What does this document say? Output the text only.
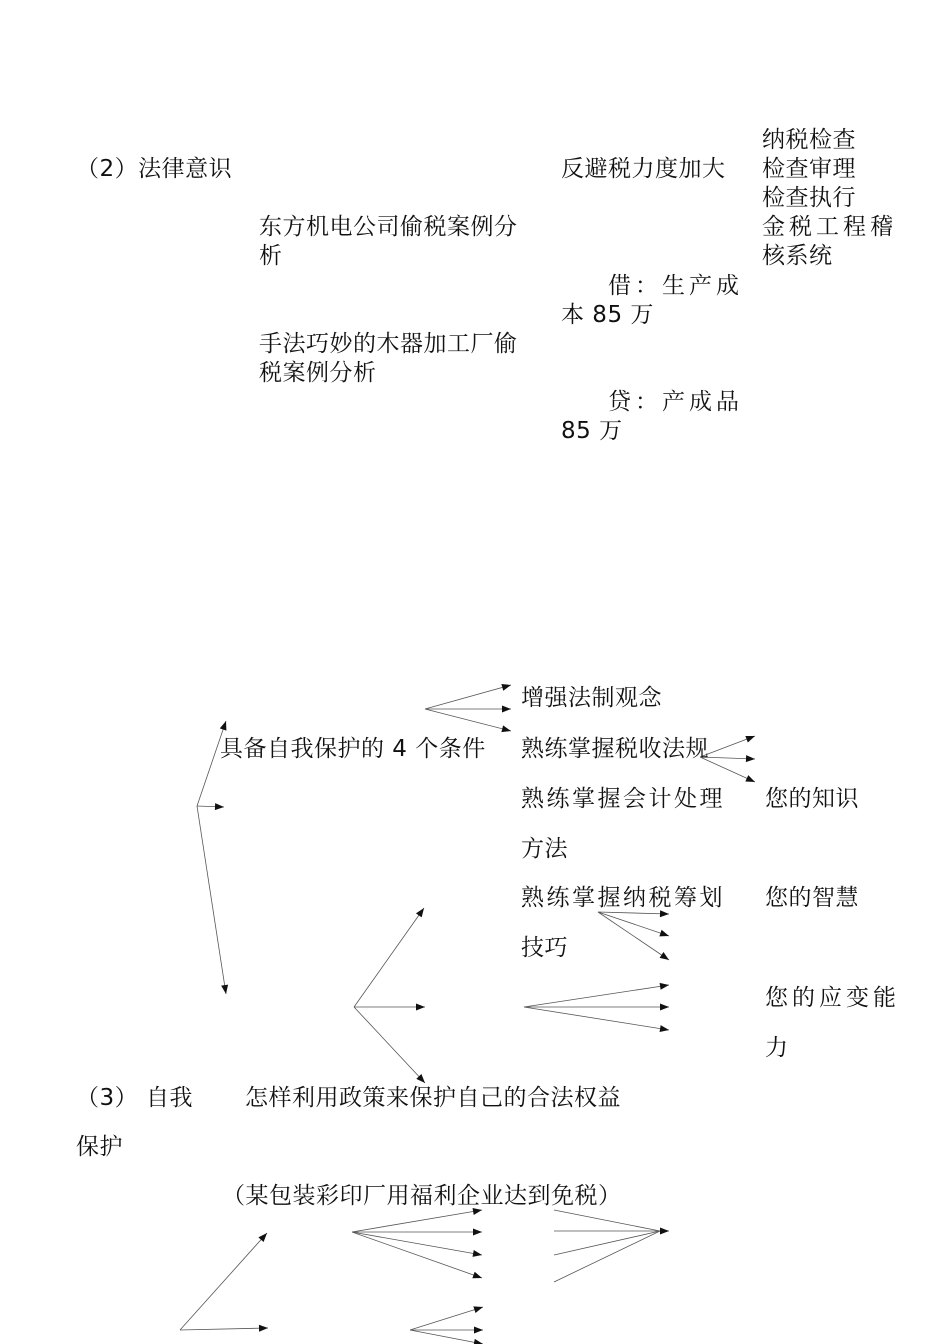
（2）法律意识	反避税力度加大
纳税检查
检查审理
检查执行
金税工程稽
核系统
东方机电公司偷税案例分
析
借：生产成
本 85 万
手法巧妙的木器加工厂偷
税案例分析
贷：产成品
85 万
增强法制观念
具备自我保护的 4 个条件 熟练掌握税收法规
熟练掌握会计处理 您的知识
方法
熟练掌握纳税筹划 您的智慧
技巧
您的应变能
力
（3） 自我 怎样利用政策来保护自己的合法权益
保护
（某包装彩印厂用福利企业达到免税）
